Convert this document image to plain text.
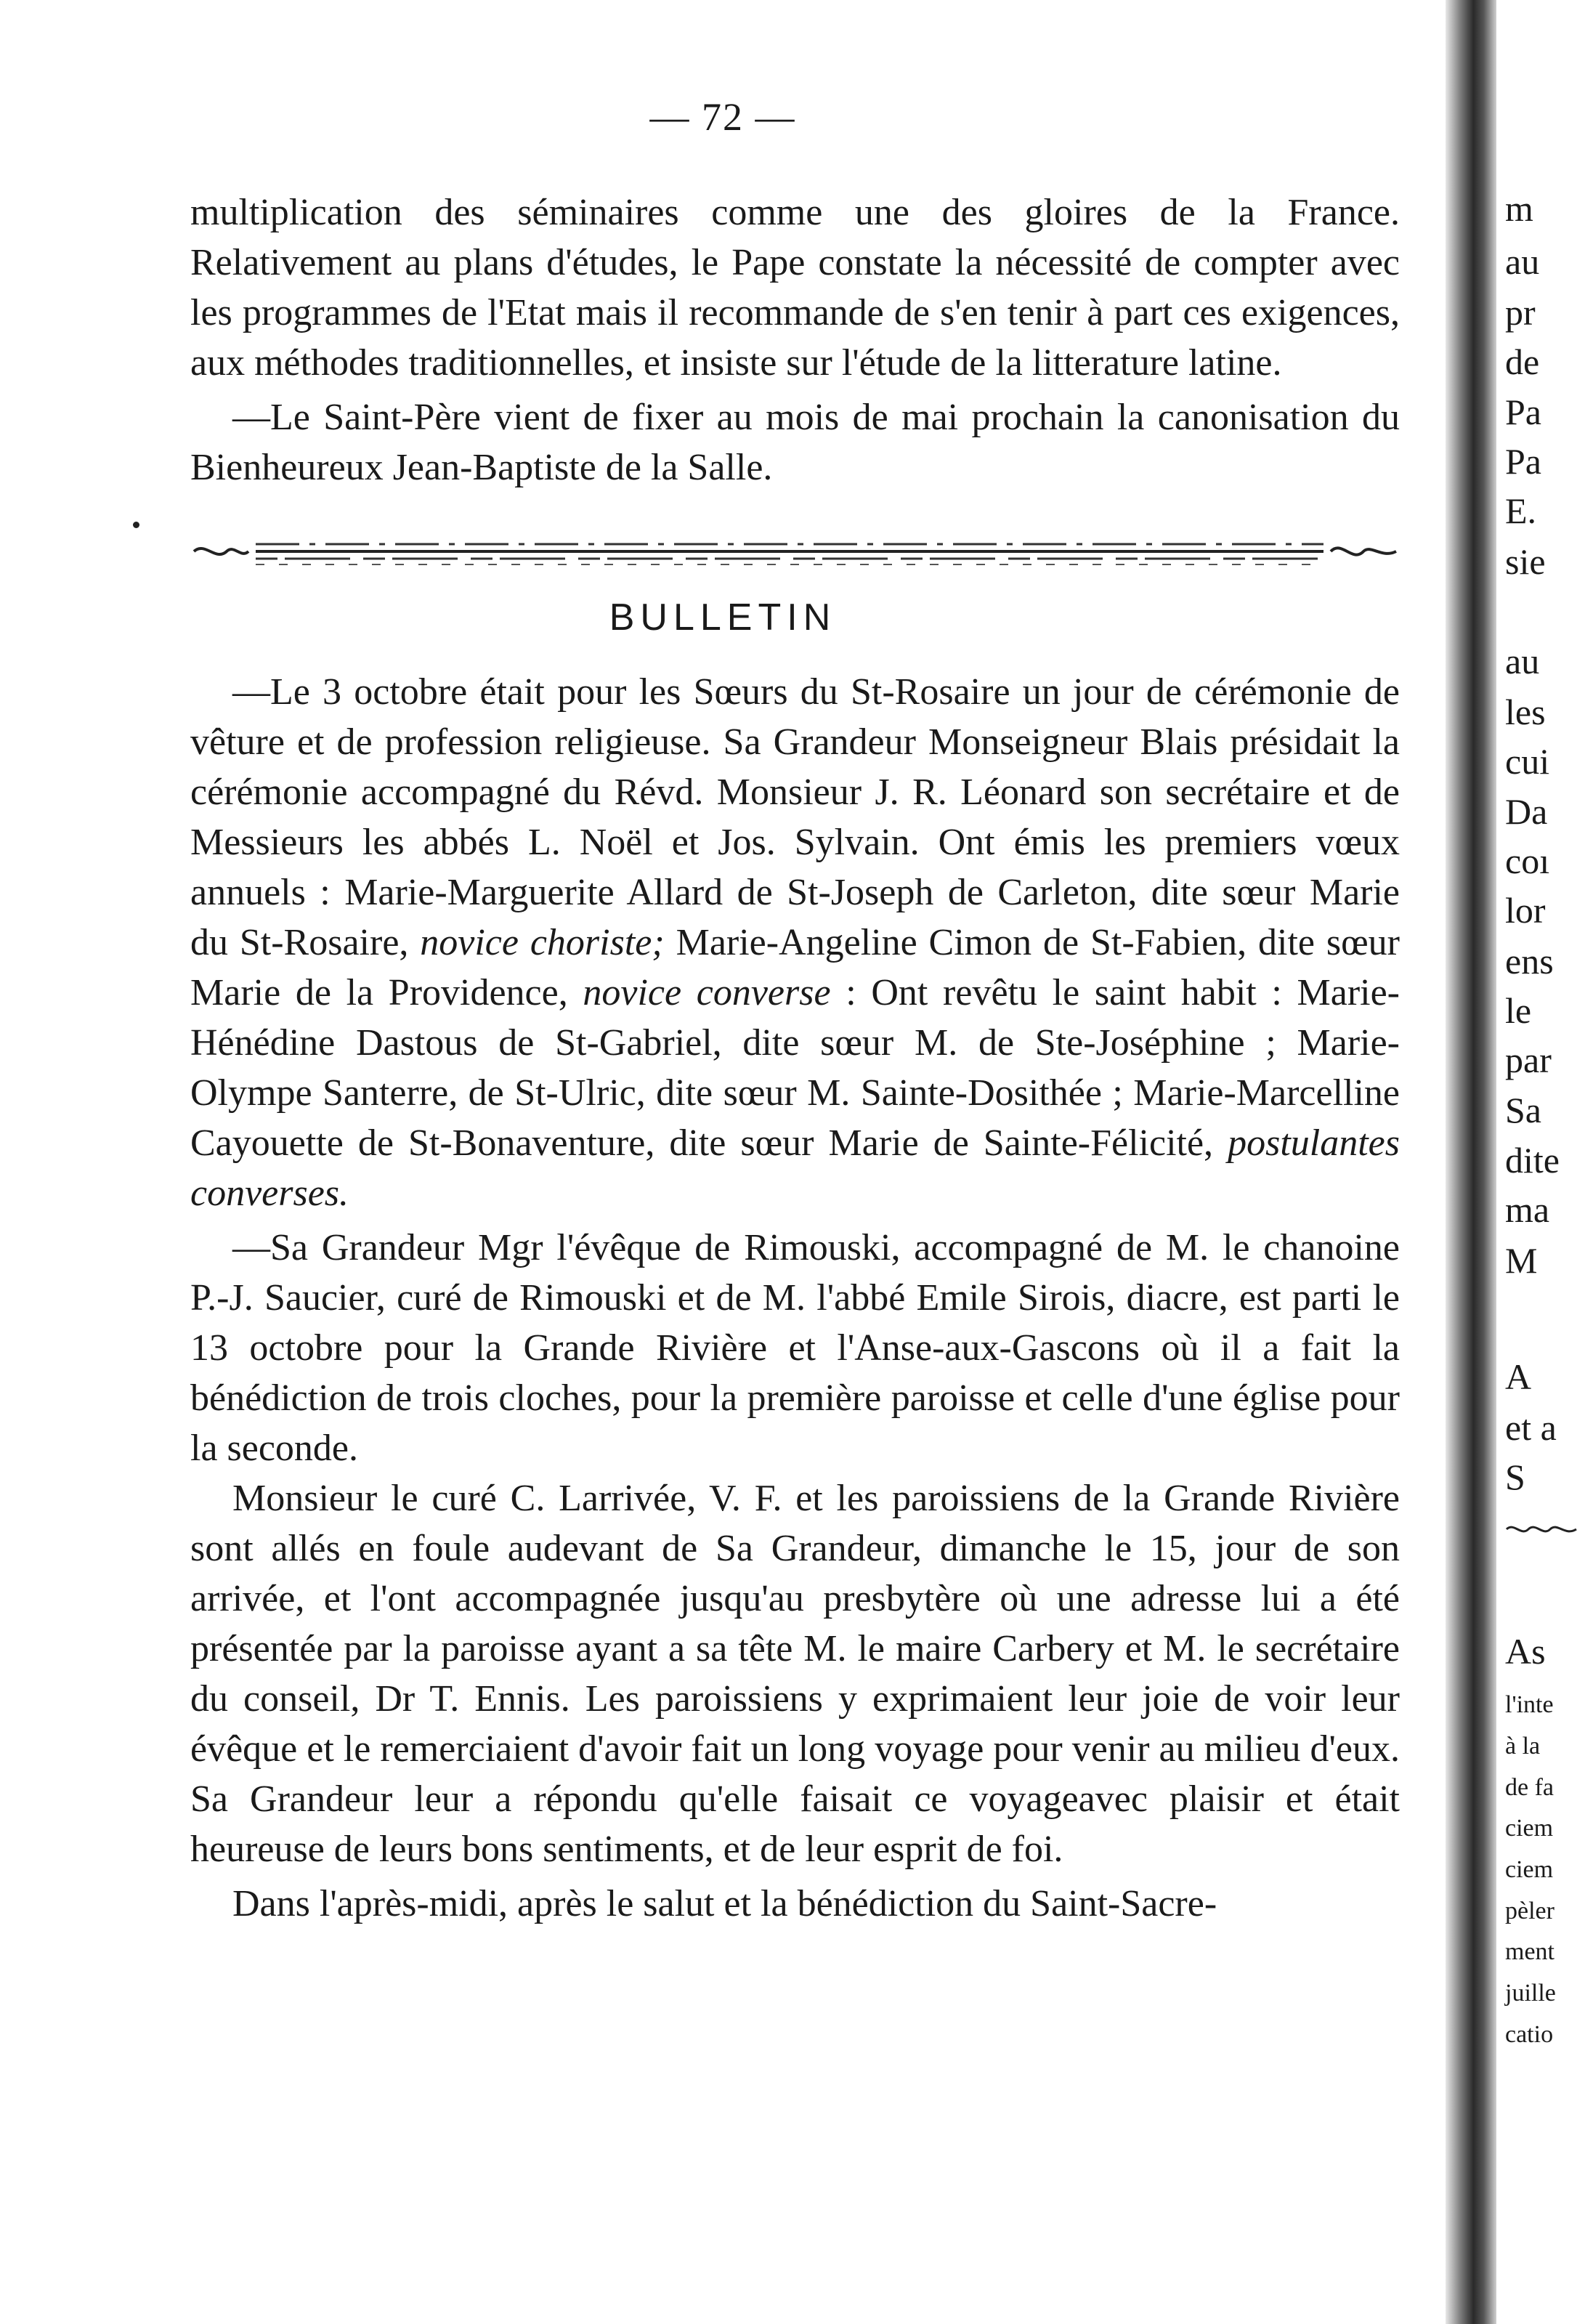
— 72 —

multiplication des séminaires comme une des gloires de la France. Relativement au plans d'études, le Pape constate la nécessité de compter avec les programmes de l'Etat mais il recommande de s'en tenir à part ces exigences, aux méthodes traditionnelles, et insiste sur l'étude de la litterature latine.

—Le Saint-Père vient de fixer au mois de mai prochain la canonisation du Bienheureux Jean-Baptiste de la Salle.

BULLETIN

—Le 3 octobre était pour les Sœurs du St-Rosaire un jour de cérémonie de vêture et de profession religieuse. Sa Grandeur Monseigneur Blais présidait la cérémonie accompagné du Révd. Monsieur J. R. Léonard son secrétaire et de Messieurs les abbés L. Noël et Jos. Sylvain. Ont émis les premiers vœux annuels : Marie-Marguerite Allard de St-Joseph de Carleton, dite sœur Marie du St-Rosaire, novice choriste; Marie-Angeline Cimon de St-Fabien, dite sœur Marie de la Providence, novice converse : Ont revêtu le saint habit : Marie-Hénédine Dastous de St-Gabriel, dite sœur M. de Ste-Joséphine ; Marie-Olympe Santerre, de St-Ulric, dite sœur M. Sainte-Dosithée ; Marie-Marcelline Cayouette de St-Bonaventure, dite sœur Marie de Sainte-Félicité, postulantes converses.

—Sa Grandeur Mgr l'évêque de Rimouski, accompagné de M. le chanoine P.-J. Saucier, curé de Rimouski et de M. l'abbé Emile Sirois, diacre, est parti le 13 octobre pour la Grande Rivière et l'Anse-aux-Gascons où il a fait la bénédiction de trois cloches, pour la première paroisse et celle d'une église pour la seconde.

Monsieur le curé C. Larrivée, V. F. et les paroissiens de la Grande Rivière sont allés en foule audevant de Sa Grandeur, dimanche le 15, jour de son arrivée, et l'ont accompagnée jusqu'au presbytère où une adresse lui a été présentée par la paroisse ayant a sa tête M. le maire Carbery et M. le secrétaire du conseil, Dr T. Ennis. Les paroissiens y exprimaient leur joie de voir leur évêque et le remerciaient d'avoir fait un long voyage pour venir au milieu d'eux. Sa Grandeur leur a répondu qu'elle faisait ce voyageavec plaisir et était heureuse de leurs bons sentiments, et de leur esprit de foi.

Dans l'après-midi, après le salut et la bénédiction du Saint-Sacre-

m
au
pr
de
Pa
Pa
E.
sie
au
les
cui
Da
coı
lor
ens
le
par
Sa
dite
ma
M
A
et a
S
As
l'inte
à la
de fa
ciem
ciem
pèler
ment
juille
catio
